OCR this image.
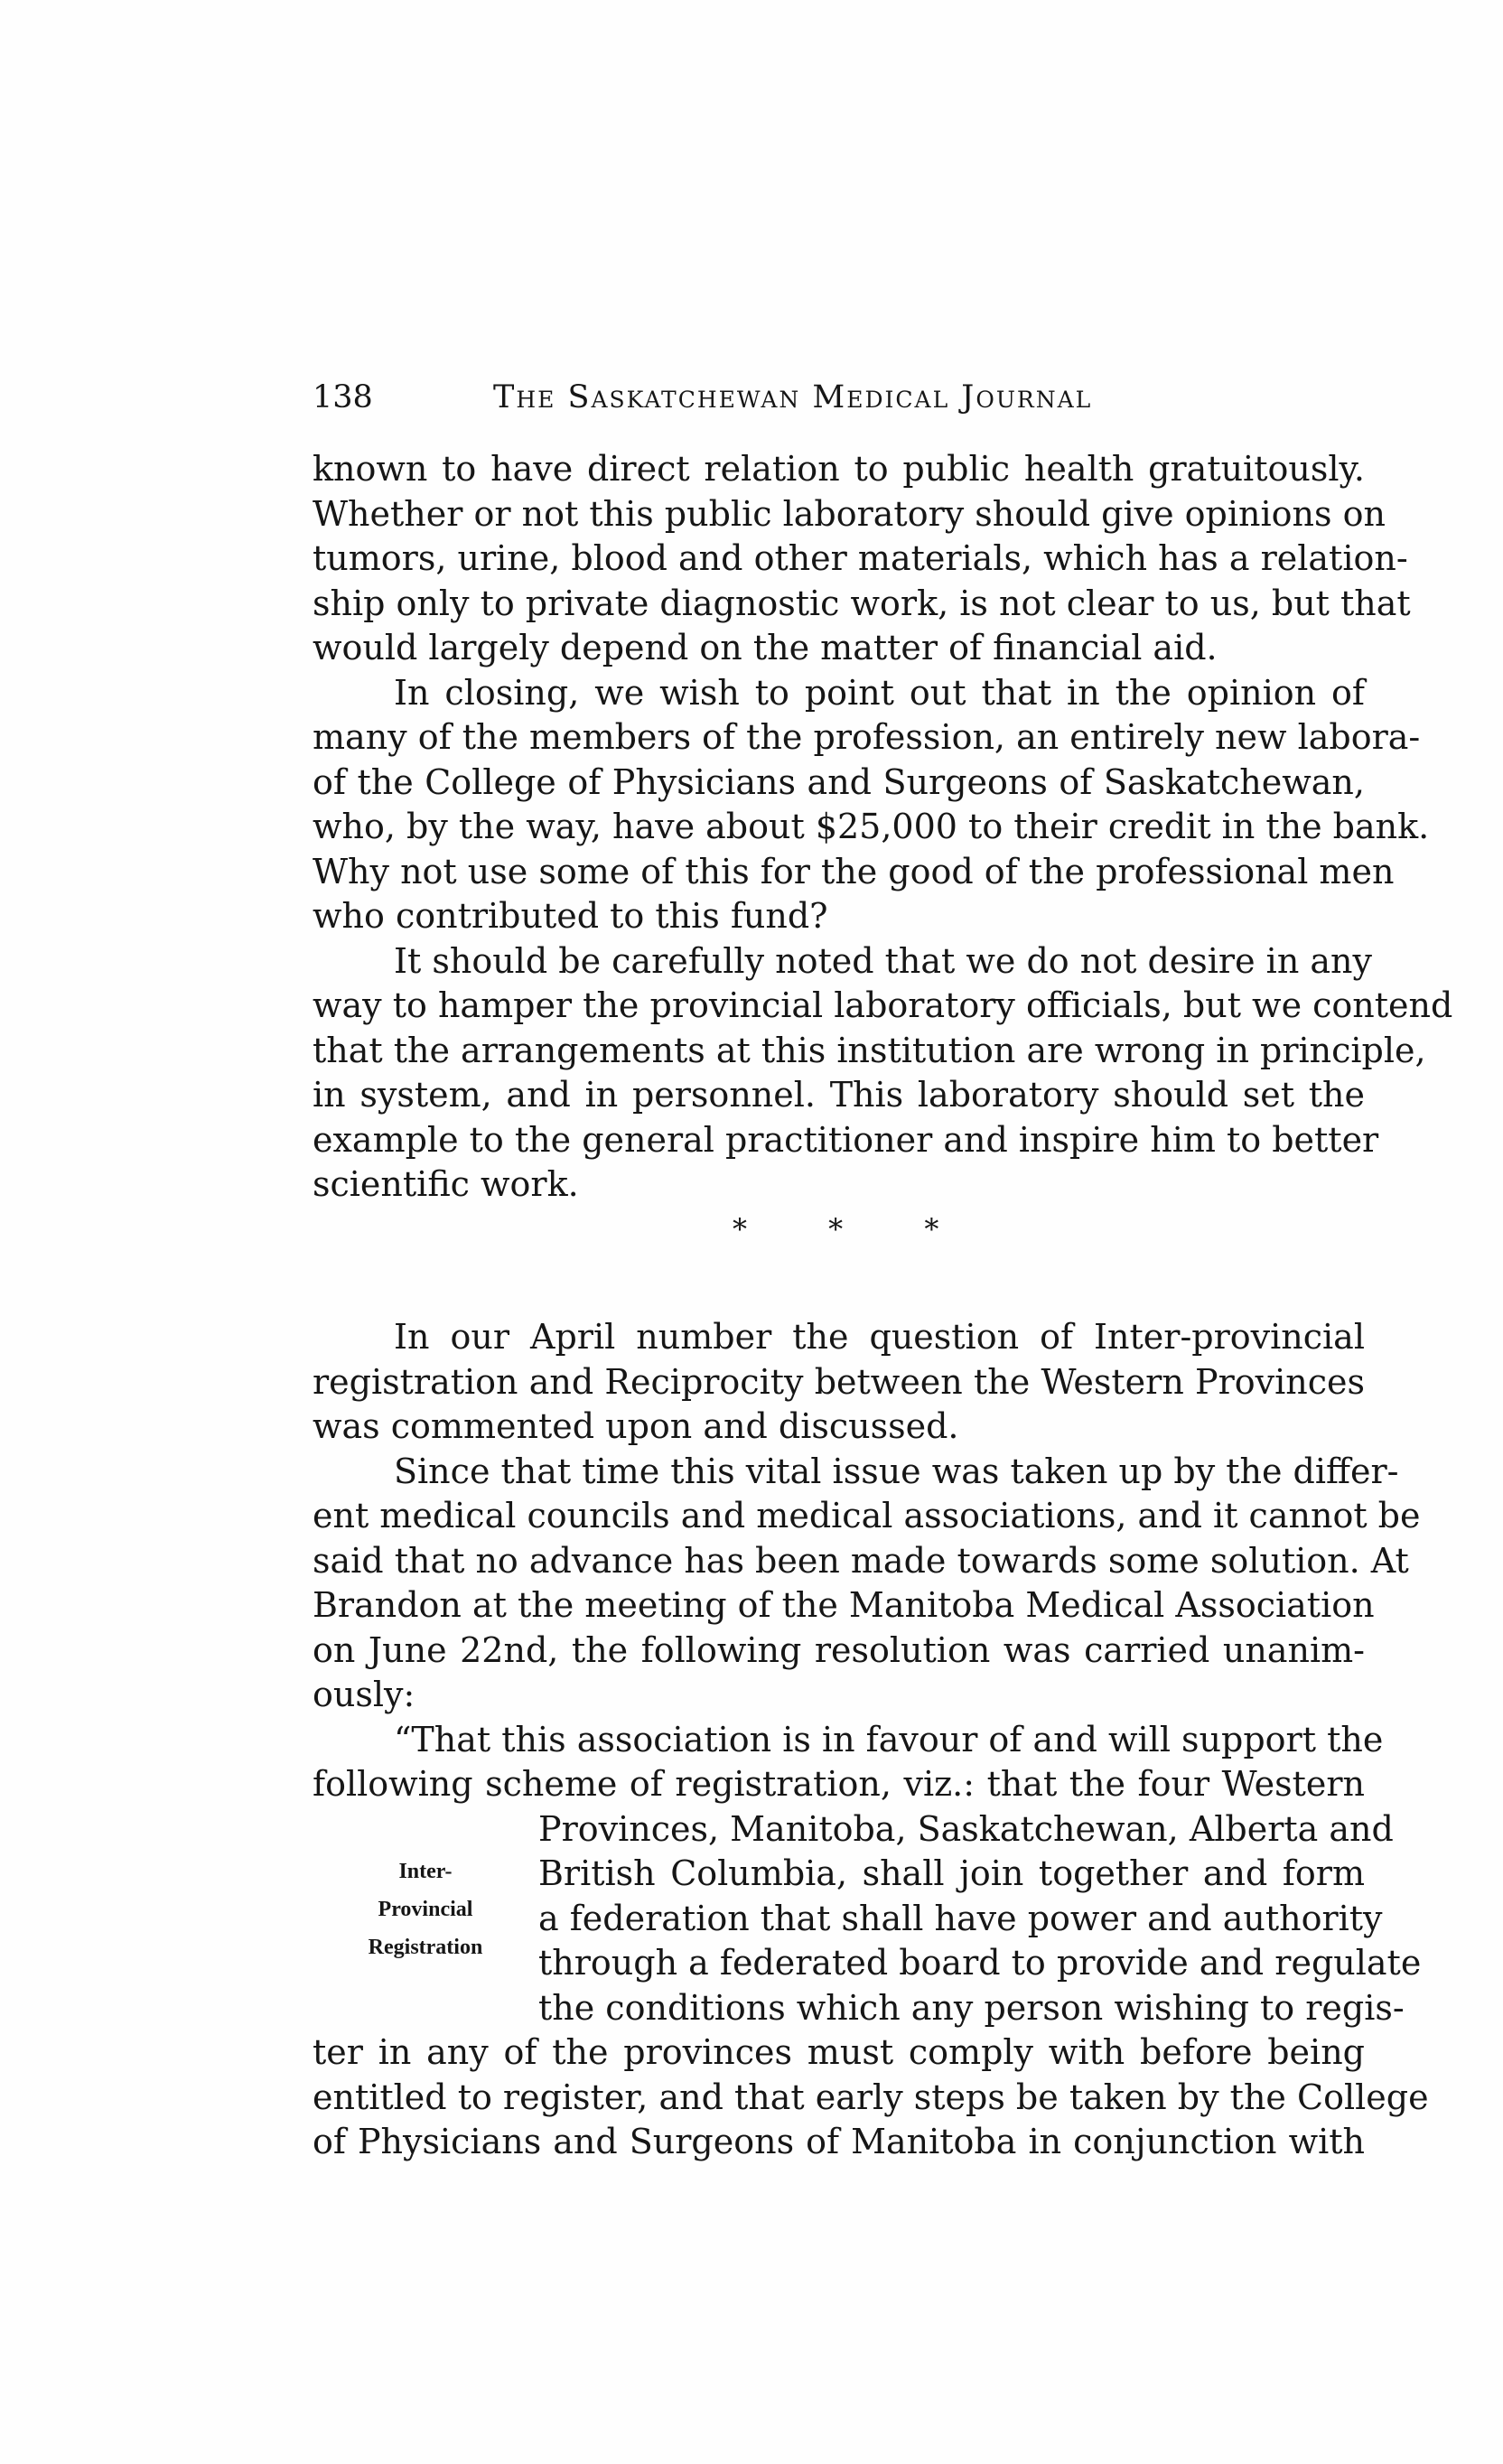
138	The Saskatchewan Medical Journal
known to have direct relation to public health gratuitously.
Whether or not this public laboratory should give opinions on
tumors, urine, blood and other materials, which has a relation-
ship only to private diagnostic work, is not clear to us, but that
would largely depend on the matter of financial aid.
In closing, we wish to point out that in the opinion of
many of the members of the profession, an entirely new labora-
of the College of Physicians and Surgeons of Saskatchewan,
who, by the way, have about $25,000 to their credit in the bank.
Why not use some of this for the good of the professional men
who contributed to this fund?
It should be carefully noted that we do not desire in any
way to hamper the provincial laboratory officials, but we contend
that the arrangements at this institution are wrong in principle,
in system, and in personnel. This laboratory should set the
example to the general practitioner and inspire him to better
scientific work.
* * *
In our April number the question of Inter-provincial
registration and Reciprocity between the Western Provinces
was commented upon and discussed.
Since that time this vital issue was taken up by the differ-
ent medical councils and medical associations, and it cannot be
said that no advance has been made towards some solution. At
Brandon at the meeting of the Manitoba Medical Association
on June 22nd, the following resolution was carried unanim-
ously:
“That this association is in favour of and will support the
following scheme of registration, viz.: that the four Western
Inter-
Provincial
Registration
Provinces, Manitoba, Saskatchewan, Alberta and
British Columbia, shall join together and form
a federation that shall have power and authority
through a federated board to provide and regulate
the conditions which any person wishing to regis-
ter in any of the provinces must comply with before being
entitled to register, and that early steps be taken by the College
of Physicians and Surgeons of Manitoba in conjunction with
